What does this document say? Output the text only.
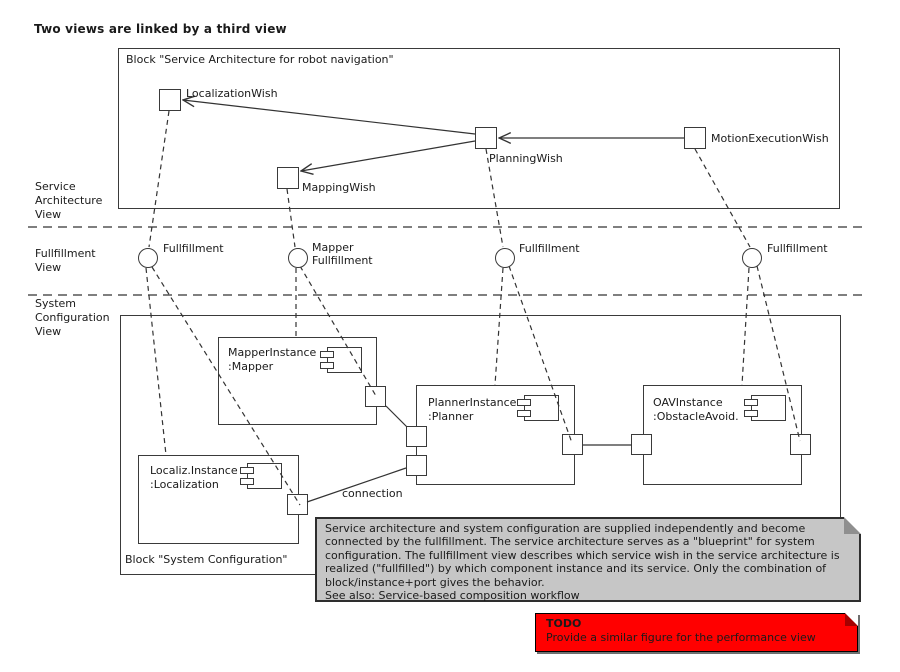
Two views are linked by a third view
Service
Architecture
View
Fullfillment
View
System
Configuration
View
Block "Service Architecture for robot navigation"
Block "System Configuration"
MapperInstance
:Mapper
PlannerInstance
:Planner
OAVInstance
:ObstacleAvoid.
Localiz.Instance
:Localization
Fullfillment	Mapper
Fullfillment
Fullfillment	Fullfillment
LocalizationWish
MappingWish
PlanningWish
MotionExecutionWish
connection
Service architecture and system configuration are supplied independently and become
connected by the fullfillment. The service architecture serves as a "blueprint" for system
configuration. The fullfillment view describes which service wish in the service architecture is
realized ("fullfilled") by which component instance and its service. Only the combination of
block/instance+port gives the behavior.
See also: Service-based composition workflow
TODO
Provide a similar figure for the performance view
